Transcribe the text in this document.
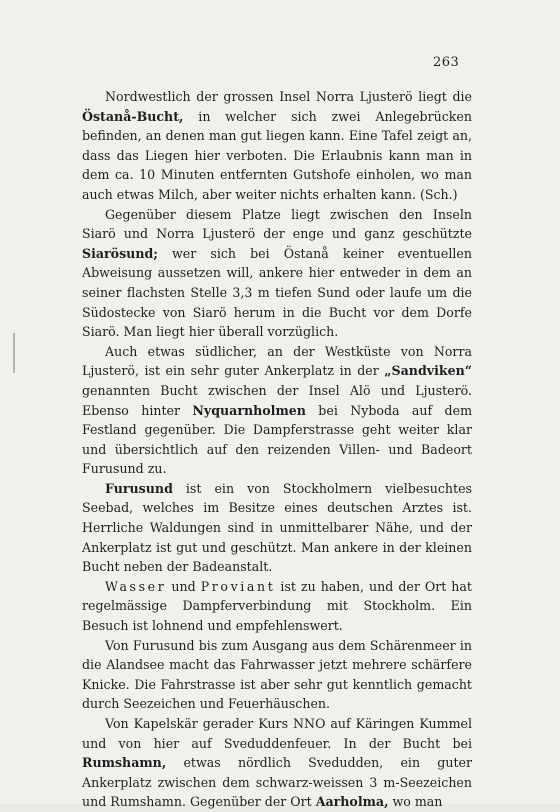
263

Nordwestlich der grossen Insel Norra Ljusterö liegt die Östanå-Bucht, in welcher sich zwei Anlegebrücken befinden, an denen man gut liegen kann. Eine Tafel zeigt an, dass das Liegen hier verboten. Die Erlaubnis kann man in dem ca. 10 Minuten entfernten Gutshofe einholen, wo man auch etwas Milch, aber weiter nichts erhalten kann. (Sch.)

Gegenüber diesem Platze liegt zwischen den Inseln Siarö und Norra Ljusterö der enge und ganz geschützte Siarösund; wer sich bei Östanå keiner eventuellen Abweisung aussetzen will, ankere hier entweder in dem an seiner flachsten Stelle 3,3 m tiefen Sund oder laufe um die Südostecke von Siarö herum in die Bucht vor dem Dorfe Siarö. Man liegt hier überall vorzüglich.

Auch etwas südlicher, an der Westküste von Norra Ljusterö, ist ein sehr guter Ankerplatz in der „Sandviken“ genannten Bucht zwischen der Insel Alö und Ljusterö. Ebenso hinter Nyquarnholmen bei Nyboda auf dem Festland gegenüber. Die Dampferstrasse geht weiter klar und übersichtlich auf den reizenden Villen- und Badeort Furusund zu.

Furusund ist ein von Stockholmern vielbesuchtes Seebad, welches im Besitze eines deutschen Arztes ist. Herrliche Waldungen sind in unmittelbarer Nähe, und der Ankerplatz ist gut und geschützt. Man ankere in der kleinen Bucht neben der Badeanstalt.

Wasser und Proviant ist zu haben, und der Ort hat regelmässige Dampferverbindung mit Stockholm. Ein Besuch ist lohnend und empfehlenswert.

Von Furusund bis zum Ausgang aus dem Schärenmeer in die Alandsee macht das Fahrwasser jetzt mehrere schärfere Knicke. Die Fahrstrasse ist aber sehr gut kenntlich gemacht durch Seezeichen und Feuerhäuschen.

Von Kapelskär gerader Kurs NNO auf Käringen Kummel und von hier auf Sveduddenfeuer. In der Bucht bei Rumshamn, etwas nördlich Svedudden, ein guter Ankerplatz zwischen dem schwarz-weissen 3 m-Seezeichen und Rumshamn. Gegenüber der Ort Aarholma, wo man
